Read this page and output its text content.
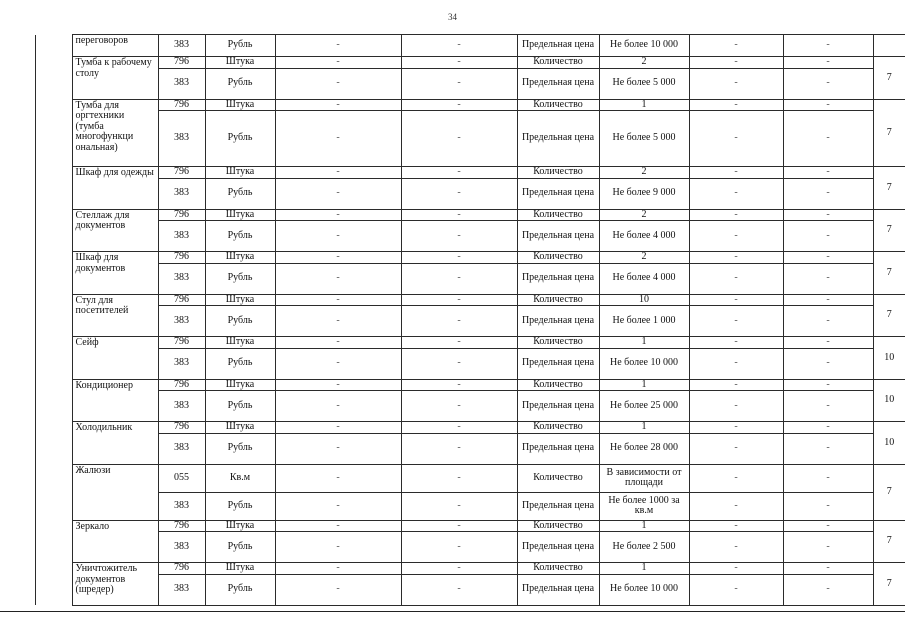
34
		переговоров	383	Рубль	-	-	Предельная цена	Не более 10 000	-	-	
		Тумба к рабочему столу	796	Штука	-	-	Количество	2	-	-	7
			383	Рубль	-	-	Предельная цена	Не более 5 000	-	-	
		Тумба для оргтехники (тумба многофункци ональная)	796	Штука	-	-	Количество	1	-	-	7
			383	Рубль	-	-	Предельная цена	Не более 5 000	-	-	
		Шкаф для одежды	796	Штука	-	-	Количество	2	-	-	7
			383	Рубль	-	-	Предельная цена	Не более 9 000	-	-	
		Стеллаж для документов	796	Штука	-	-	Количество	2	-	-	7
			383	Рубль	-	-	Предельная цена	Не более 4 000	-	-	
		Шкаф для документов	796	Штука	-	-	Количество	2	-	-	7
			383	Рубль	-	-	Предельная цена	Не более 4 000	-	-	
		Стул для посетителей	796	Штука	-	-	Количество	10	-	-	7
			383	Рубль	-	-	Предельная цена	Не более 1 000	-	-	
		Сейф	796	Штука	-	-	Количество	1	-	-	10
			383	Рубль	-	-	Предельная цена	Не более 10 000	-	-	
		Кондиционер	796	Штука	-	-	Количество	1	-	-	10
			383	Рубль	-	-	Предельная цена	Не более 25 000	-	-	
		Холодильник	796	Штука	-	-	Количество	1	-	-	10
			383	Рубль	-	-	Предельная цена	Не более 28 000	-	-	
		Жалюзи	055	Кв.м	-	-	Количество	В зависимости от площади	-	-	7
			383	Рубль	-	-	Предельная цена	Не более 1000 за кв.м	-	-	
		Зеркало	796	Штука	-	-	Количество	1	-	-	7
			383	Рубль	-	-	Предельная цена	Не более 2 500	-	-	
		Уничтожитель документов (шредер)	796	Штука	-	-	Количество	1	-	-	7
			383	Рубль	-	-	Предельная цена	Не более 10 000	-	-	
